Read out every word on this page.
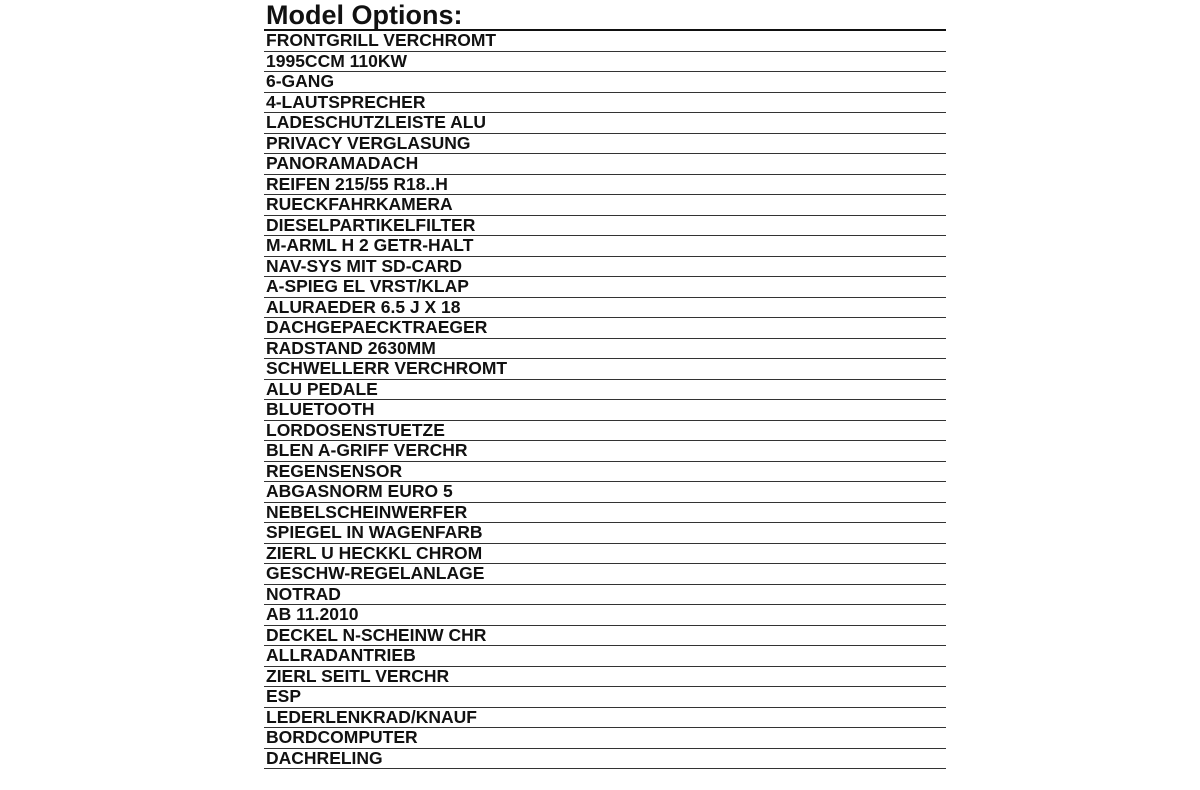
Model Options:
FRONTGRILL VERCHROMT
1995CCM 110KW
6-GANG
4-LAUTSPRECHER
LADESCHUTZLEISTE ALU
PRIVACY VERGLASUNG
PANORAMADACH
REIFEN 215/55 R18..H
RUECKFAHRKAMERA
DIESELPARTIKELFILTER
M-ARML H 2 GETR-HALT
NAV-SYS MIT SD-CARD
A-SPIEG EL VRST/KLAP
ALURAEDER 6.5 J X 18
DACHGEPAECKTRAEGER
RADSTAND 2630MM
SCHWELLERR VERCHROMT
ALU PEDALE
BLUETOOTH
LORDOSENSTUETZE
BLEN A-GRIFF VERCHR
REGENSENSOR
ABGASNORM EURO 5
NEBELSCHEINWERFER
SPIEGEL IN WAGENFARB
ZIERL U HECKKL CHROM
GESCHW-REGELANLAGE
NOTRAD
AB 11.2010
DECKEL N-SCHEINW CHR
ALLRADANTRIEB
ZIERL SEITL VERCHR
ESP
LEDERLENKRAD/KNAUF
BORDCOMPUTER
DACHRELING
